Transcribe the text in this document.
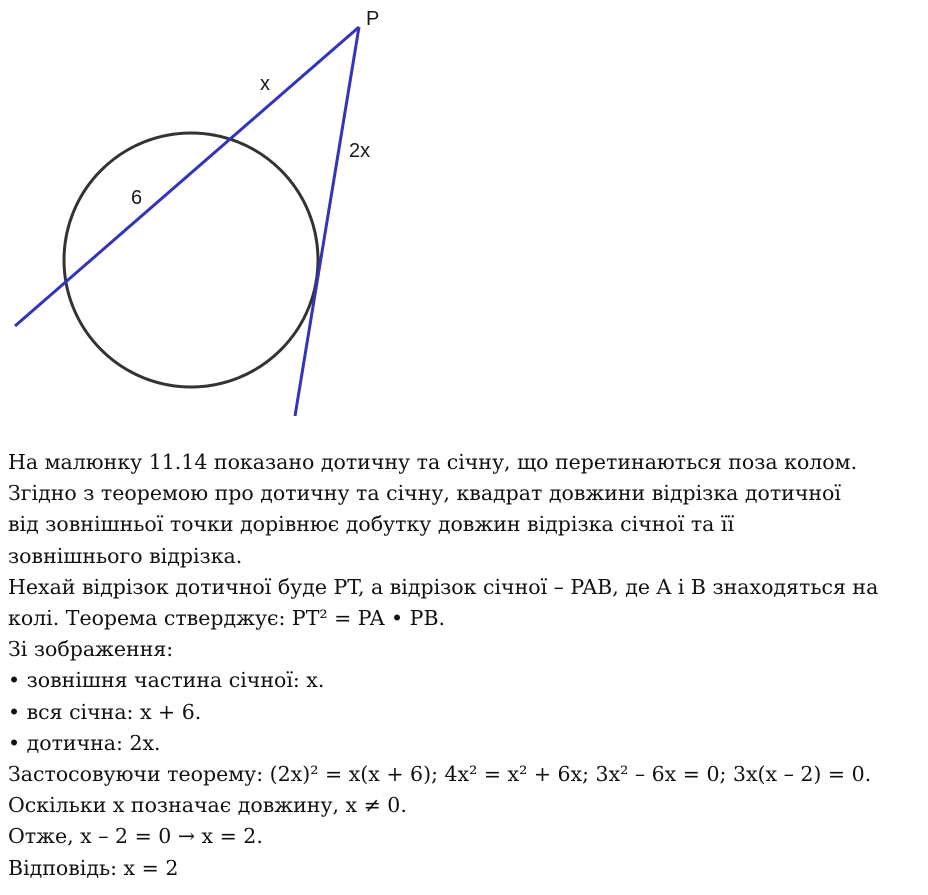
P
x
6
2x

На малюнку 11.14 показано дотичну та січну, що перетинаються поза колом.

Згідно з теоремою про дотичну та січну, квадрат довжини відрізка дотичної

від зовнішньої точки дорівнює добутку довжин відрізка січної та її

зовнішнього відрізка.

Нехай відрізок дотичної буде PT, а відрізок січної – PAB, де A і B знаходяться на

колі. Теорема стверджує: PT² = PA • PB.

Зі зображення:

• зовнішня частина січної: x.

• вся січна: x + 6.

• дотична: 2x.

Застосовуючи теорему: (2x)² = x(x + 6); 4x² = x² + 6x; 3x² – 6x = 0; 3x(x – 2) = 0.

Оскільки x позначає довжину, x ≠ 0.

Отже, x – 2 = 0 → x = 2.

Відповідь: x = 2
